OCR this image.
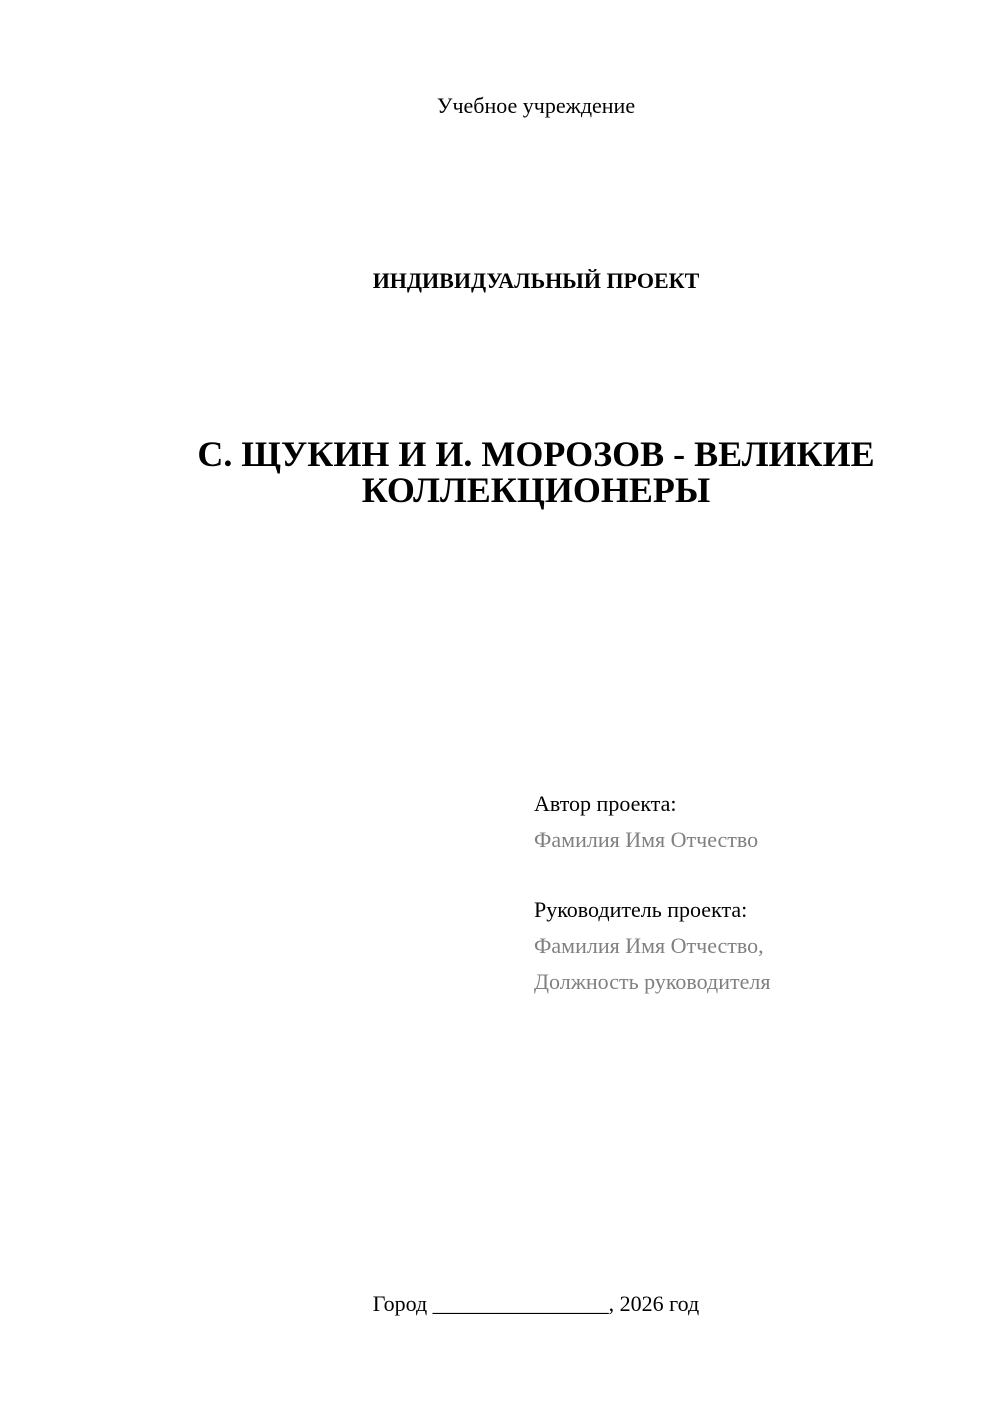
Учебное учреждение
ИНДИВИДУАЛЬНЫЙ ПРОЕКТ
С. ЩУКИН И И. МОРОЗОВ - ВЕЛИКИЕ
КОЛЛЕКЦИОНЕРЫ
Автор проекта:
Фамилия Имя Отчество
Руководитель проекта:
Фамилия Имя Отчество,
Должность руководителя
Город ________________, 2026 год
